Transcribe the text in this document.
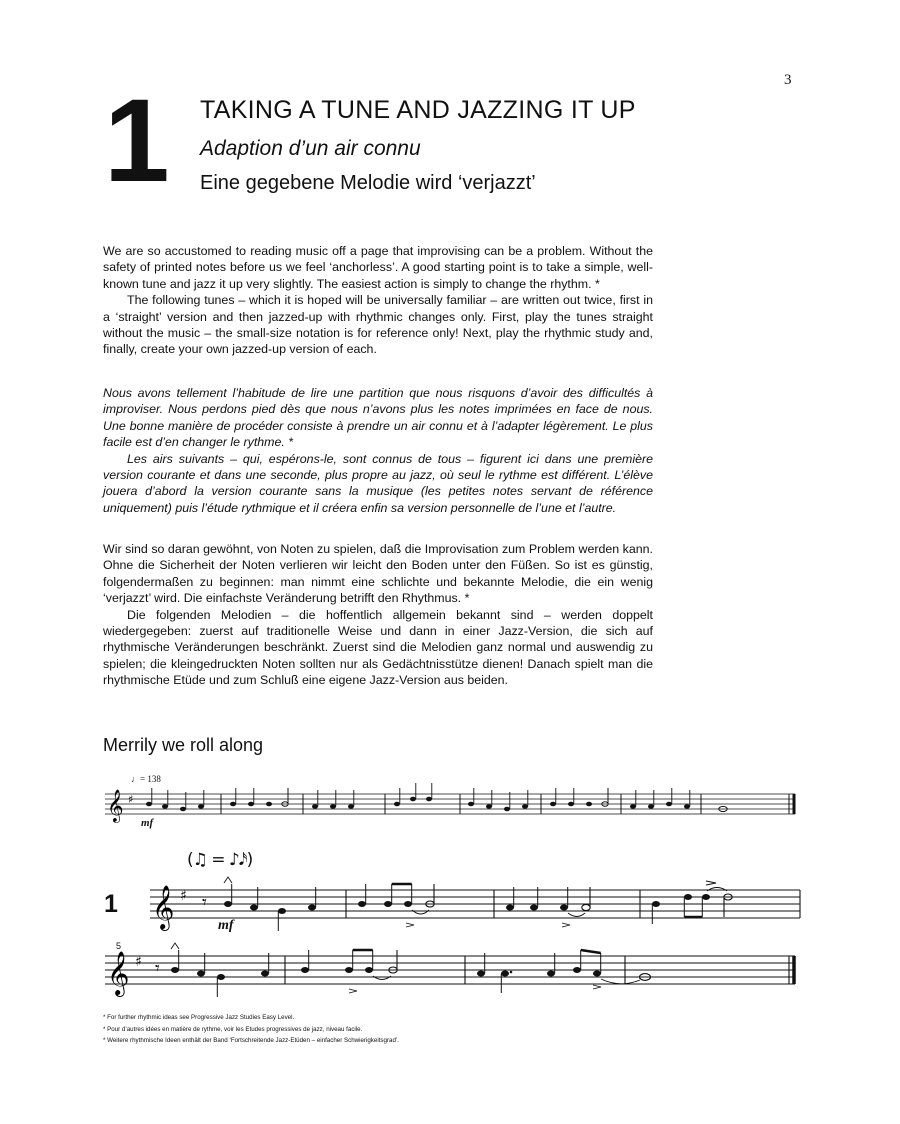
3
1 TAKING A TUNE AND JAZZING IT UP
Adaption d’un air connu
Eine gegebene Melodie wird ‘verjazzt’

We are so accustomed to reading music off a page that improvising can be a problem. Without the safety of printed notes before us we feel ‘anchorless’. A good starting point is to take a simple, well-known tune and jazz it up very slightly. The easiest action is simply to change the rhythm. *

The following tunes – which it is hoped will be universally familiar – are written out twice, first in a ‘straight’ version and then jazzed-up with rhythmic changes only. First, play the tunes straight without the music – the small-size notation is for reference only! Next, play the rhythmic study and, finally, create your own jazzed-up version of each.

Nous avons tellement l’habitude de lire une partition que nous risquons d’avoir des difficultés à improviser. Nous perdons pied dès que nous n’avons plus les notes imprimées en face de nous. Une bonne manière de procéder consiste à prendre un air connu et à l’adapter légèrement. Le plus facile est d’en changer le rythme. *

Les airs suivants – qui, espérons-le, sont connus de tous – figurent ici dans une première version courante et dans une seconde, plus propre au jazz, où seul le rythme est différent. L’élève jouera d’abord la version courante sans la musique (les petites notes servant de référence uniquement) puis l’étude rythmique et il créera enfin sa version personnelle de l’une et l’autre.

Wir sind so daran gewöhnt, von Noten zu spielen, daß die Improvisation zum Problem werden kann. Ohne die Sicherheit der Noten verlieren wir leicht den Boden unter den Füßen. So ist es günstig, folgendermaßen zu beginnen: man nimmt eine schlichte und bekannte Melodie, die ein wenig ‘verjazzt’ wird. Die einfachste Veränderung betrifft den Rhythmus. *

Die folgenden Melodien – die hoffentlich allgemein bekannt sind – werden doppelt wiedergegeben: zuerst auf traditionelle Weise und dann in einer Jazz-Version, die sich auf rhythmische Veränderungen beschränkt. Zuerst sind die Melodien ganz normal und auswendig zu spielen; die kleingedruckten Noten sollten nur als Gedächtnisstütze dienen! Danach spielt man die rhythmische Etüde und zum Schluß eine eigene Jazz-Version aus beiden.

Merrily we roll along
♩= 138
mf
(♫ = ♪𝅘𝅥𝅯)
1
mf
5
𝄞 ♯
𝄞 ♯ 𝄾
𝄞 ♯ 𝄾
* For further rhythmic ideas see Progressive Jazz Studies Easy Level.
* Pour d’autres idées en matière de rythme, voir les Etudes progressives de jazz, niveau facile.
* Weitere rhythmische Ideen enthält der Band ‘Fortschreitende Jazz-Etüden – einfacher Schwierigkeitsgrad’.
